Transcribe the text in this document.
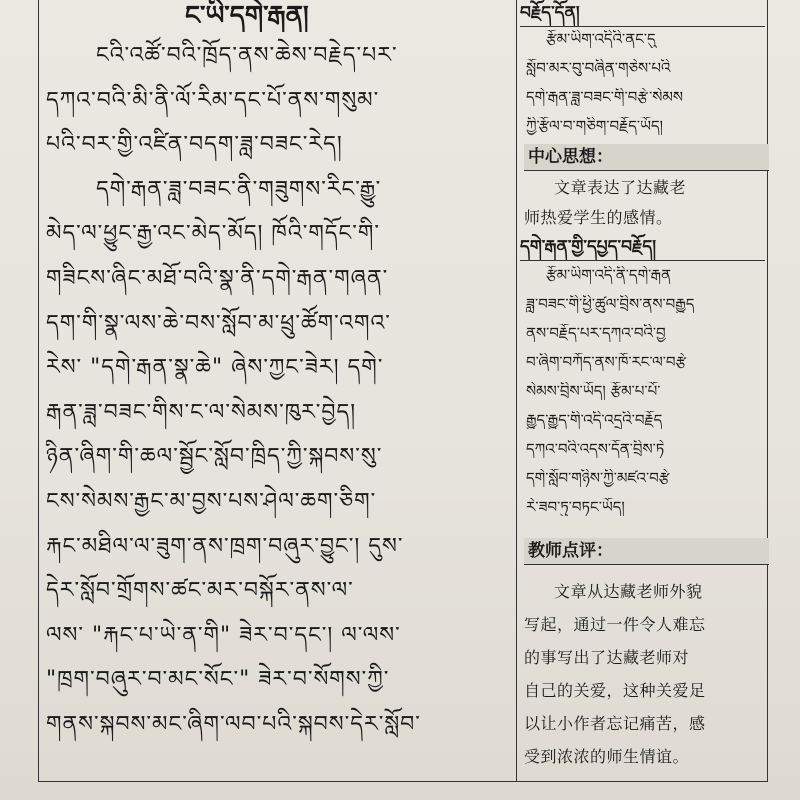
ང་ཡི་དགེ་རྒན།
ངའི་འཚོ་བའི་ཁྲོད་ནས་ཆེས་བརྗེད་པར་
དཀའ་བའི་མི་ནི་ལོ་རིམ་དང་པོ་ནས་གསུམ་
པའི་བར་གྱི་འཛིན་བདག་ཟླ་བཟང་རེད།
དགེ་རྒན་ཟླ་བཟང་ནི་གཟུགས་རིང་རྒྱུ་
མེད་ལ་ཕྱུང་རྒྱ་འང་མེད་མོད། ཁོའི་གདོང་གི་
གཟིངས་ཞིང་མཐོ་བའི་སྣ་ནི་དགེ་རྒན་གཞན་
དག་གི་སྣ་ལས་ཆེ་བས་སློབ་མ་ཕྲུ་ཚོག་འགའ་
རེས་ "དགེ་རྒན་སྣ་ཆེ" ཞེས་ཀྱང་ཟེར། དགེ་
རྒན་ཟླ་བཟང་གིས་ང་ལ་སེམས་ཁུར་བྱེད།
ཉིན་ཞིག་གི་ཆལ་སྦྱོང་སློབ་ཁྲིད་ཀྱི་སྐབས་སུ་
ངས་སེམས་རྒྱང་མ་བྱས་པས་ཤེལ་ཆག་ཅིག་
རྐང་མཐིལ་ལ་ཟུག་ནས་ཁྲག་བཞུར་བྱུང་། དུས་
དེར་སློབ་གྲོགས་ཚང་མར་བསྐོར་ནས་ལ་
ལས་ "རྐང་པ་ཡེ་ན་གི" ཟེར་བ་དང་། ལ་ལས་
"ཁྲག་བཞུར་བ་མང་སོང་" ཟེར་བ་སོགས་ཀྱི་
གནས་སྐབས་མང་ཞིག་ལབ་པའི་སྐབས་དེར་སློབ་
བརྗོད་དོན།
རྩོམ་ཡིག་འདིའི་ནང་དུ
སློབ་མར་བུ་བཞིན་གཅེས་པའི
དགེ་རྒན་ཟླ་བཟང་གི་བརྩེ་སེམས
ཀྱི་རྩོལ་བ་གཅིག་བརྗོད་ཡོད།
中心思想：
文章表达了达藏老
师热爱学生的感情。
དགེ་རྒན་གྱི་དཔྱད་བརྗོད།
རྩོམ་ཡིག་འདི་ནི་དགེ་རྒན
ཟླ་བཟང་གི་ཕྱི་ཚུལ་བྲིས་ནས་བརྒྱུད
ནས་བརྗོད་པར་དཀའ་བའི་བྱ
བ་ཞིག་བཀོད་ནས་ཁོ་རང་ལ་བརྩེ
སེམས་བྲིས་ཡོད། རྩོམ་པ་པོ་
རྒྱུད་རྒྱུད་གི་འདི་འདྲའི་བརྗོད
དཀའ་བའི་འདས་དོན་བྲིས་ཏེ
དགེ་སློབ་གཉིས་ཀྱི་མཛའ་བརྩེ
རེ་ཟབ་ཏུ་བཏང་ཡོད།
教师点评：
文章从达藏老师外貌
写起，通过一件令人难忘
的事写出了达藏老师对
自己的关爱，这种关爱足
以让小作者忘记痛苦，感
受到浓浓的师生情谊。
